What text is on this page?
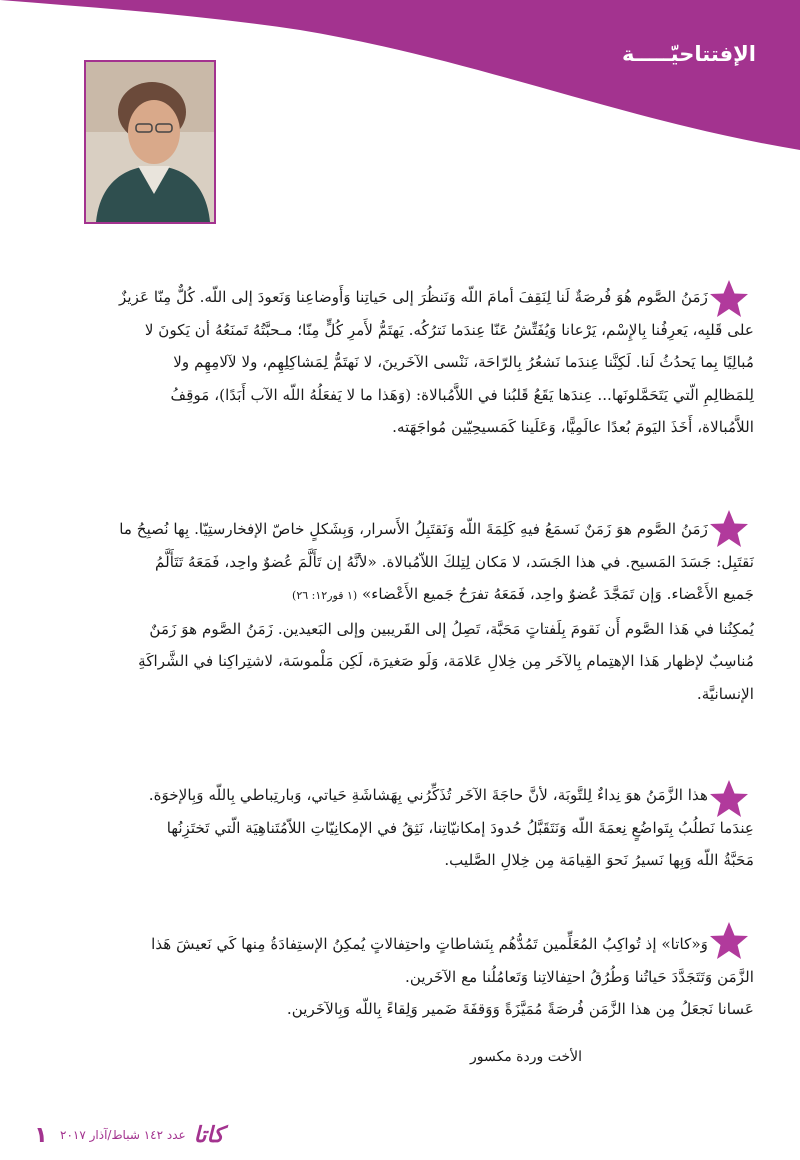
الإفتتاحيّـــــة

زَمَنُ الصَّوم هُوَ فُرصَةٌ لَنا لِنَقِفَ أمامَ اللّه وَنَنظُرَ إلى حَياتِنا وَأَوضاعِنا وَنَعودَ إلى اللّه. كُلٌّ مِنّا عَزيزٌ

على قَلبِه، يَعرِفُنا بِالإِسْم، يَرْعانا وَيُفَتِّشُ عَنّا عِندَما نَترُكُه. يَهتَمُّ لأَمرِ كُلٍّ مِنّا؛ مـحبَّتُهُ تَمنَعُهُ أن يَكونَ لا

مُبالِيًا بِما يَحدُثُ لَنا. لَكِنَّنا عِندَما نَشعُرُ بِالرّاحَة، نَنْسى الآخَرينَ، لا نَهتَمُّ لِمَشاكِلِهِم، ولا لآلامِهِم ولا

لِلمَظالِمِ الّتي يَتَحَمَّلونَها... عِندَها يَقَعُ قَلبُنا في اللاَّمُبالاة: (وَهَذا ما لا يَفعَلُهُ اللّه الآب أَبَدًا)، مَوقِفُ

اللاَّمُبالاة، أَخَذَ اليَومَ بُعدًا عالَمِيًّا، وَعَلَينا كَمَسيحِيّين مُواجَهَته.

زَمَنُ الصَّوم هوَ زَمَنٌ نَسمَعُ فيهِ كَلِمَةَ اللّه وَنَقتَبِلُ الأَسرار، وَبِشَكلٍ خاصّ الإفخارستِيّا. بِها نُصبِحُ ما

نَقتَبِل: جَسَدَ المَسيح. في هذا الجَسَد، لا مَكان لِتِلكَ اللاّمُبالاة. «لأنَّهُ إن تَأَلَّمَ عُضوٌ واحِد، فَمَعَهُ تَتَأَلَّمُ

جَميع الأَعْضاء. وَإن تَمَجَّدَ عُضوٌ واحِد، فَمَعَهُ تفرَحُ جَميع الأَعْضاء» (١ قور١٢: ٢٦)

يُمكِنُنا في هَذا الصَّوم أَن نَقومَ بِلَفتاتٍ مَحَبَّة، تَصِلُ إلى القَريبين وإلى البَعيدين. زَمَنُ الصَّوم هوَ زَمَنٌ

مُناسِبٌ لإظهار هَذا الإهتِمام بِالآخَر مِن خِلالِ عَلامَة، وَلَو صَغيرَة، لَكِن مَلْموسَة، لاشتِراكِنا في الشَّراكَةِ

الإنسانيَّة.

هذا الزَّمَنُ هوَ نِداءٌ لِلتَّوبَة، لأنَّ حاجَةَ الآخَر تُذَكِّرُني بِهَشاشَةِ حَياتي، وَبارتِباطي بِاللّه وَبِالإخوَة.

عِندَما نَطلُبُ بِتَواضُعٍ نِعمَةَ اللّه وَنَتَقَبَّلُ حُدودَ إمكانيّاتِنا، نَثِقُ في الإمكانِيّاتِ اللاّمُتَناهِيَة الّتي تَختَزِنُها

مَحَبَّةُ اللّه وَبِها نَسيرُ نَحوَ القِيامَة مِن خِلالِ الصَّليب.

وَ«كاتا» إذ تُواكِبُ المُعَلِّمين تَمُدُّهُم بِنَشاطاتٍ واحتِفالاتٍ يُمكِنُ الإستِفادَةُ مِنها كَي نَعيشَ هَذا

الزَّمَن وَتَتَجَدَّدَ حَياتُنا وَطُرُقُ احتِفالاتِنا وَتَعامُلُنا مع الآخَرين.

عَسانا نَجعَلُ مِن هذا الزَّمَن فُرصَةً مُمَيَّزَةً وَوَقفَةَ ضَمير وَلِقاءً بِاللّه وَبِالآخَرين.

الأخت وردة مكسور
١	عدد ١٤٢ شباط/آذار ٢٠١٧ كاتا
